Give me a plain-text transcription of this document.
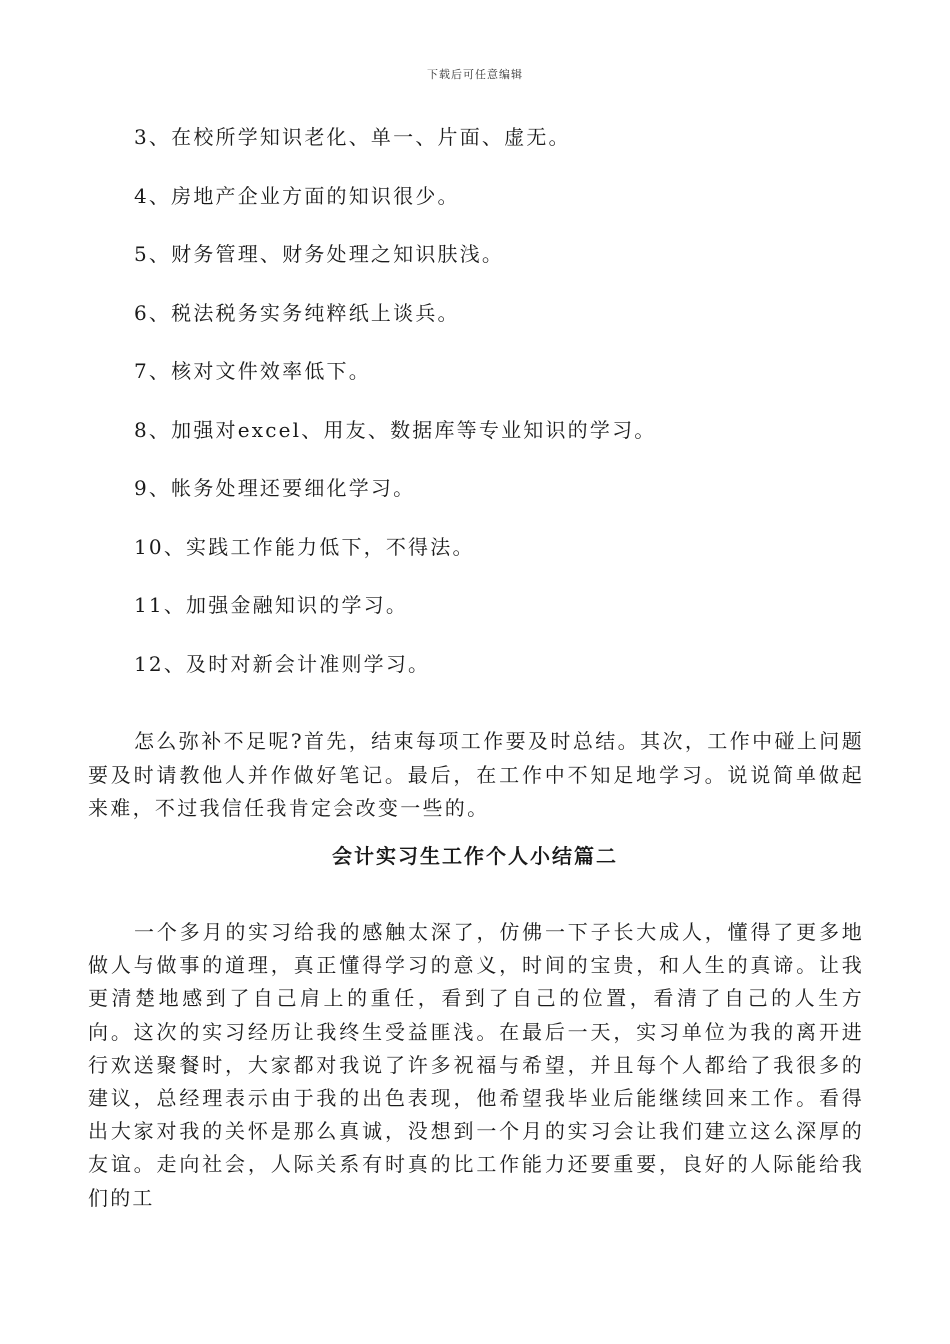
下载后可任意编辑
3、在校所学知识老化、单一、片面、虚无。
4、房地产企业方面的知识很少。
5、财务管理、财务处理之知识肤浅。
6、税法税务实务纯粹纸上谈兵。
7、核对文件效率低下。
8、加强对excel、用友、数据库等专业知识的学习。
9、帐务处理还要细化学习。
10、实践工作能力低下，不得法。
11、加强金融知识的学习。
12、及时对新会计准则学习。

怎么弥补不足呢?首先，结束每项工作要及时总结。其次，工作中碰上问题要及时请教他人并作做好笔记。最后，在工作中不知足地学习。说说简单做起来难，不过我信任我肯定会改变一些的。

会计实习生工作个人小结篇二

一个多月的实习给我的感触太深了，仿佛一下子长大成人，懂得了更多地做人与做事的道理，真正懂得学习的意义，时间的宝贵，和人生的真谛。让我更清楚地感到了自己肩上的重任，看到了自己的位置，看清了自己的人生方向。这次的实习经历让我终生受益匪浅。在最后一天，实习单位为我的离开进行欢送聚餐时，大家都对我说了许多祝福与希望，并且每个人都给了我很多的建议，总经理表示由于我的出色表现，他希望我毕业后能继续回来工作。看得出大家对我的关怀是那么真诚，没想到一个月的实习会让我们建立这么深厚的友谊。走向社会，人际关系有时真的比工作能力还要重要，良好的人际能给我们的工
